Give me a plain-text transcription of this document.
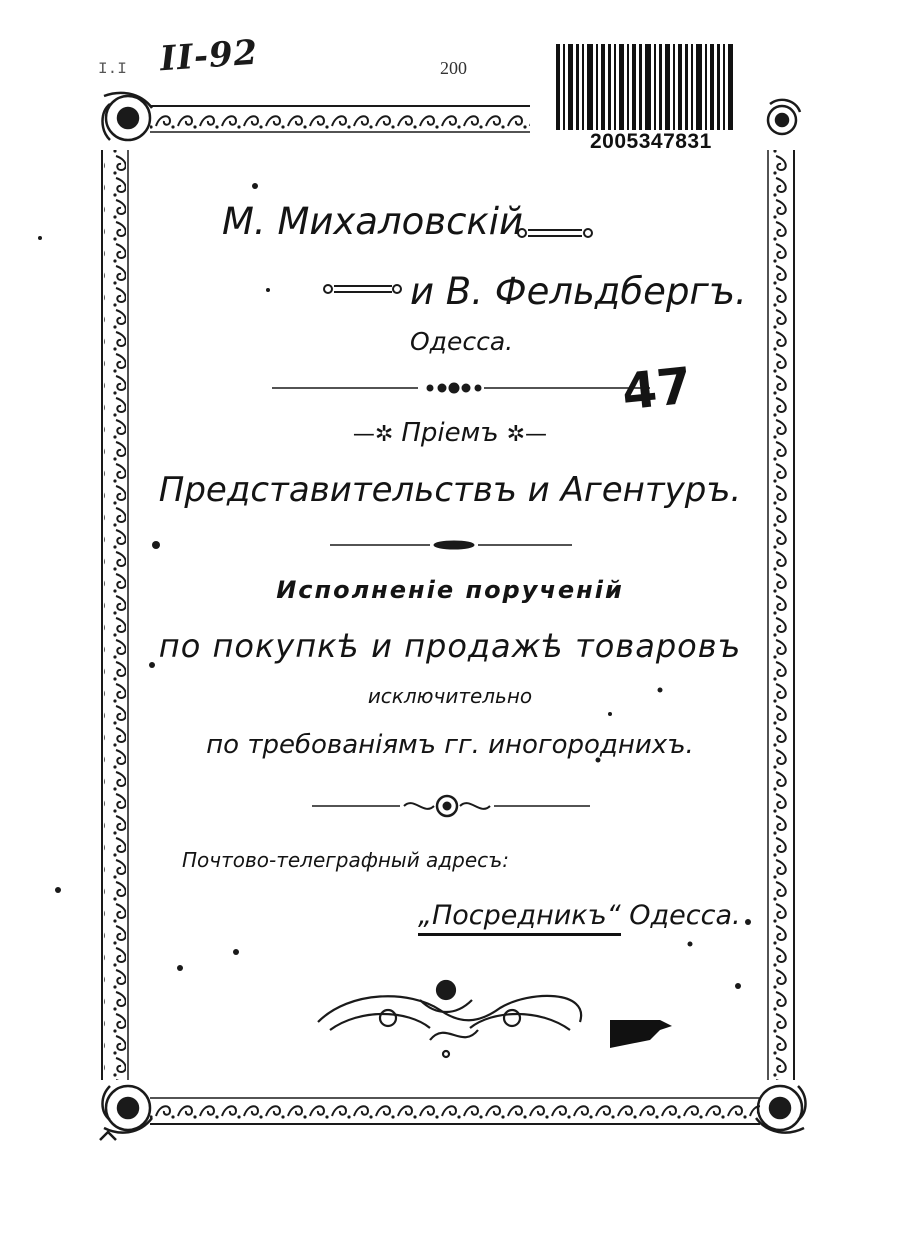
I.I II-92	200
2005347831
М. Михаловскій
и В. Фельдбергъ.
Одесса.
47
—✲ Пріемъ ✲—
Представительствъ и Агентуръ.
Исполненіе порученій
по покупкѣ и продажѣ товаровъ
исключительно
по требованіямъ гг. иногороднихъ.
Почтово-телеграфный адресъ:
„Посредникъ“ Одесса.
